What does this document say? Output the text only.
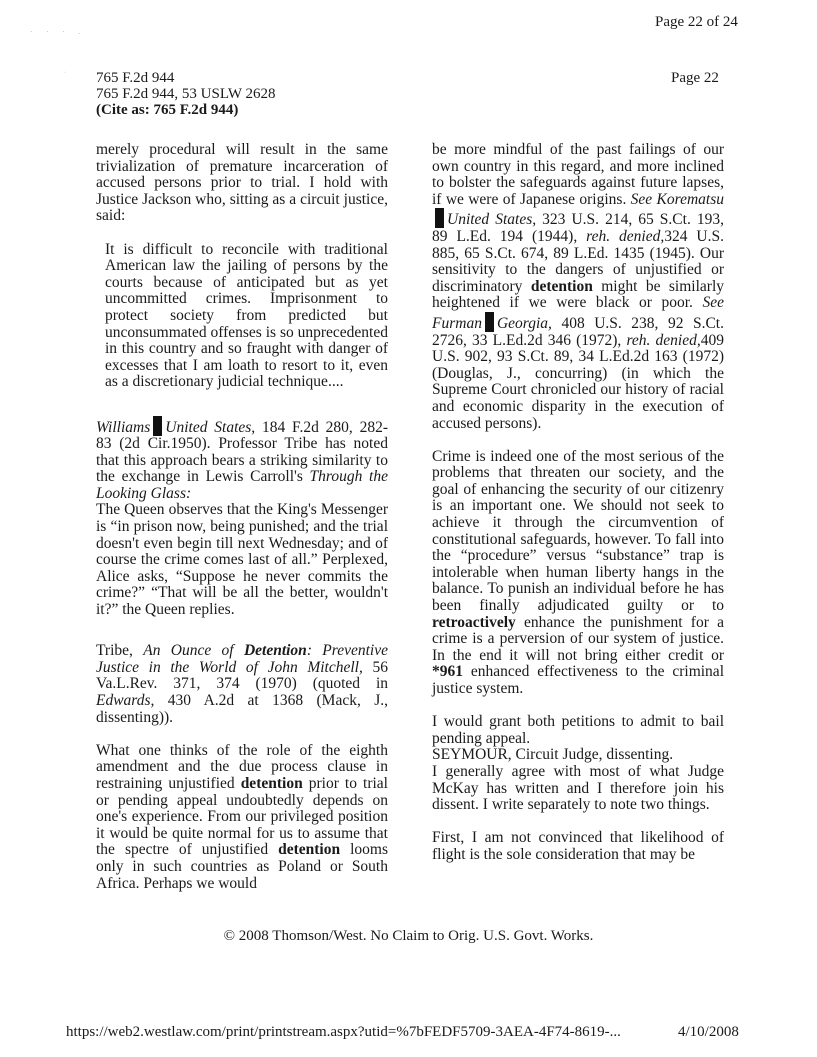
· · · .
·
Page 22 of 24
Page 22
765 F.2d 944
765 F.2d 944, 53 USLW 2628
(Cite as: 765 F.2d 944)

merely procedural will result in the same trivialization of premature incarceration of accused persons prior to trial. I hold with Justice Jackson who, sitting as a circuit justice, said:

It is difficult to reconcile with traditional American law the jailing of persons by the courts because of anticipated but as yet uncommitted crimes. Imprisonment to protect society from predicted but unconsummated offenses is so unprecedented in this country and so fraught with danger of excesses that I am loath to resort to it, even as a discretionary judicial technique....

Williams United States, 184 F.2d 280, 282-83 (2d Cir.1950). Professor Tribe has noted that this approach bears a striking similarity to the exchange in Lewis Carroll's Through the Looking Glass:

The Queen observes that the King's Messenger is “in prison now, being punished; and the trial doesn't even begin till next Wednesday; and of course the crime comes last of all.” Perplexed, Alice asks, “Suppose he never commits the crime?” “That will be all the better, wouldn't it?” the Queen replies.

Tribe, An Ounce of Detention: Preventive Justice in the World of John Mitchell, 56 Va.L.Rev. 371, 374 (1970) (quoted in Edwards, 430 A.2d at 1368 (Mack, J., dissenting)).

What one thinks of the role of the eighth amendment and the due process clause in restraining unjustified detention prior to trial or pending appeal undoubtedly depends on one's experience. From our privileged position it would be quite normal for us to assume that the spectre of unjustified detention looms only in such countries as Poland or South Africa. Perhaps we would

be more mindful of the past failings of our own country in this regard, and more inclined to bolster the safeguards against future lapses, if we were of Japanese origins. See KorematsuUnited States, 323 U.S. 214, 65 S.Ct. 193, 89 L.Ed. 194 (1944), reh. denied,324 U.S. 885, 65 S.Ct. 674, 89 L.Ed. 1435 (1945). Our sensitivity to the dangers of unjustified or discriminatory detention might be similarly heightened if we were black or poor. See Furman Georgia, 408 U.S. 238, 92 S.Ct. 2726, 33 L.Ed.2d 346 (1972), reh. denied,409 U.S. 902, 93 S.Ct. 89, 34 L.Ed.2d 163 (1972) (Douglas, J., concurring) (in which the Supreme Court chronicled our history of racial and economic disparity in the execution of accused persons).

Crime is indeed one of the most serious of the problems that threaten our society, and the goal of enhancing the security of our citizenry is an important one. We should not seek to achieve it through the circumvention of constitutional safeguards, however. To fall into the “procedure” versus “substance” trap is intolerable when human liberty hangs in the balance. To punish an individual before he has been finally adjudicated guilty or to retroactively enhance the punishment for a crime is a perversion of our system of justice. In the end it will not bring either credit or *961 enhanced effectiveness to the criminal justice system.

I would grant both petitions to admit to bail pending appeal.

SEYMOUR, Circuit Judge, dissenting.

I generally agree with most of what Judge McKay has written and I therefore join his dissent. I write separately to note two things.

First, I am not convinced that likelihood of flight is the sole consideration that may be

© 2008 Thomson/West. No Claim to Orig. U.S. Govt. Works.
https://web2.westlaw.com/print/printstream.aspx?utid=%7bFEDF5709-3AEA-4F74-8619-...	4/10/2008
